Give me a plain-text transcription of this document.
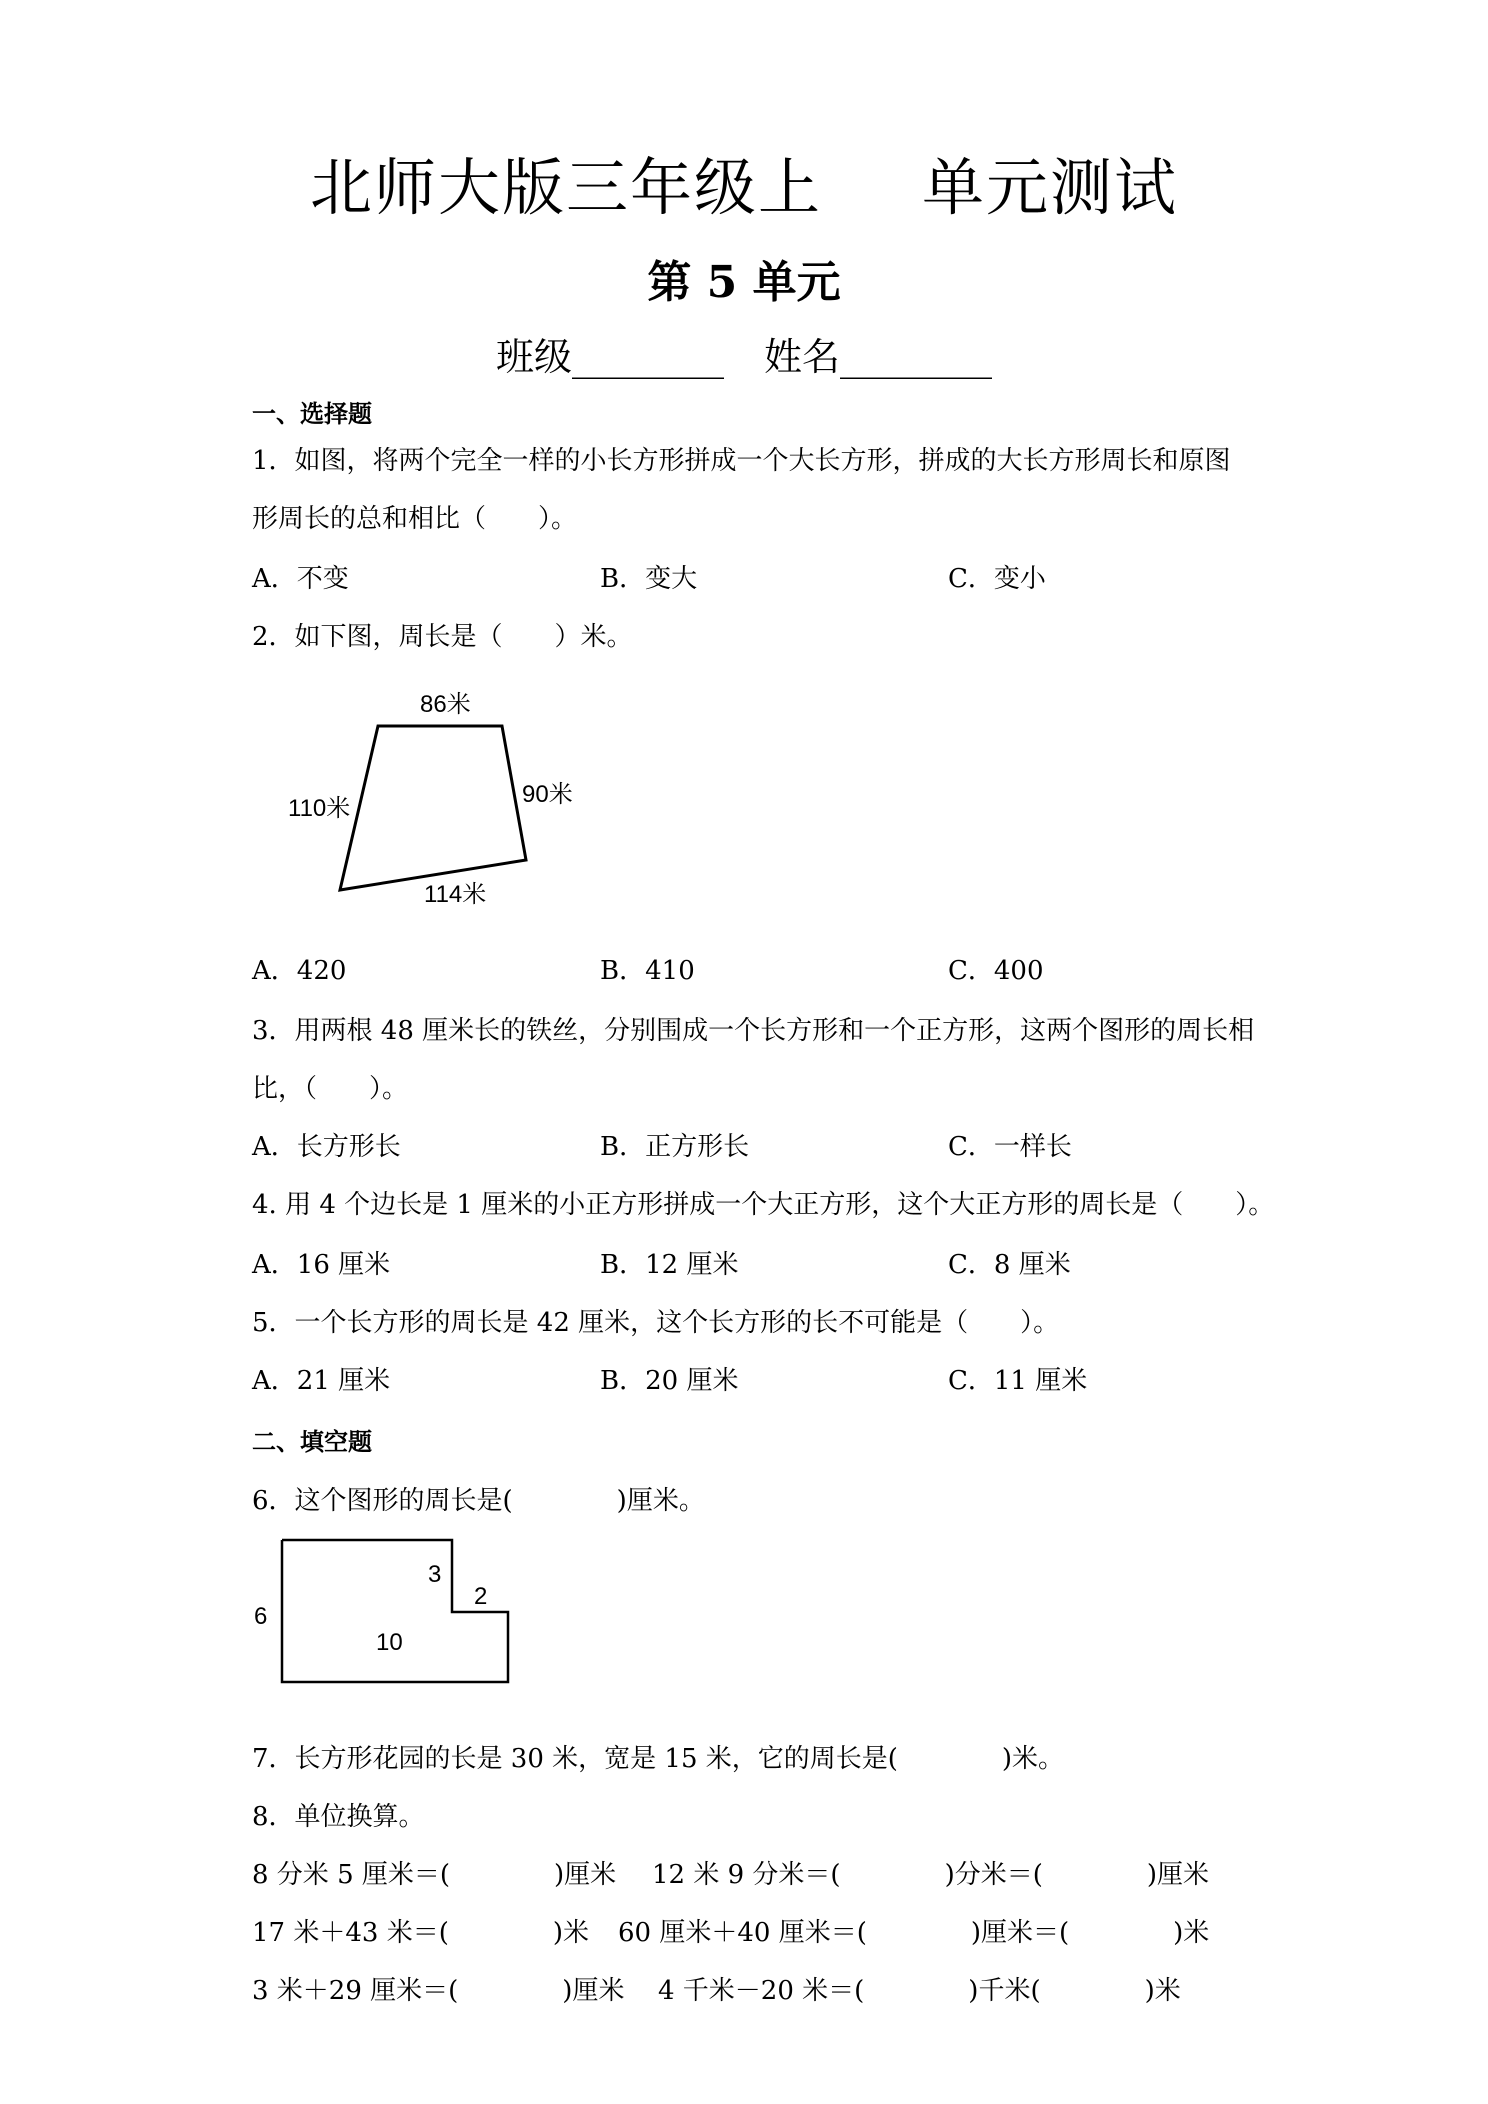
北师大版三年级上 单元测试
第 5 单元
班级________ 姓名________
一、选择题
1．如图，将两个完全一样的小长方形拼成一个大长方形，拼成的大长方形周长和原图
形周长的总和相比（　　）。
A．不变	B．变大	C．变小
2．如下图，周长是（　　）米。
86米
110米
90米
114米
A．420	B．410	C．400
3．用两根 48 厘米长的铁丝，分别围成一个长方形和一个正方形，这两个图形的周长相
比，（　　）。
A．长方形长	B．正方形长	C．一样长
4. 用 4 个边长是 1 厘米的小正方形拼成一个大正方形，这个大正方形的周长是（　　）。
A．16 厘米	B．12 厘米	C．8 厘米
5．一个长方形的周长是 42 厘米，这个长方形的长不可能是（　　）。
A．21 厘米	B．20 厘米	C．11 厘米
二、填空题
6．这个图形的周长是(　　　　)厘米。
6
3
2
10
7．长方形花园的长是 30 米，宽是 15 米，它的周长是(　　　　)米。
8．单位换算。
8 分米 5 厘米＝(　　　　)厘米 12 米 9 分米＝(　　　　)分米＝(　　　　)厘米
17 米＋43 米＝(　　　　)米 60 厘米＋40 厘米＝(　　　　)厘米＝(　　　　)米
3 米＋29 厘米＝(　　　　)厘米 4 千米－20 米＝(　　　　)千米(　　　　)米
